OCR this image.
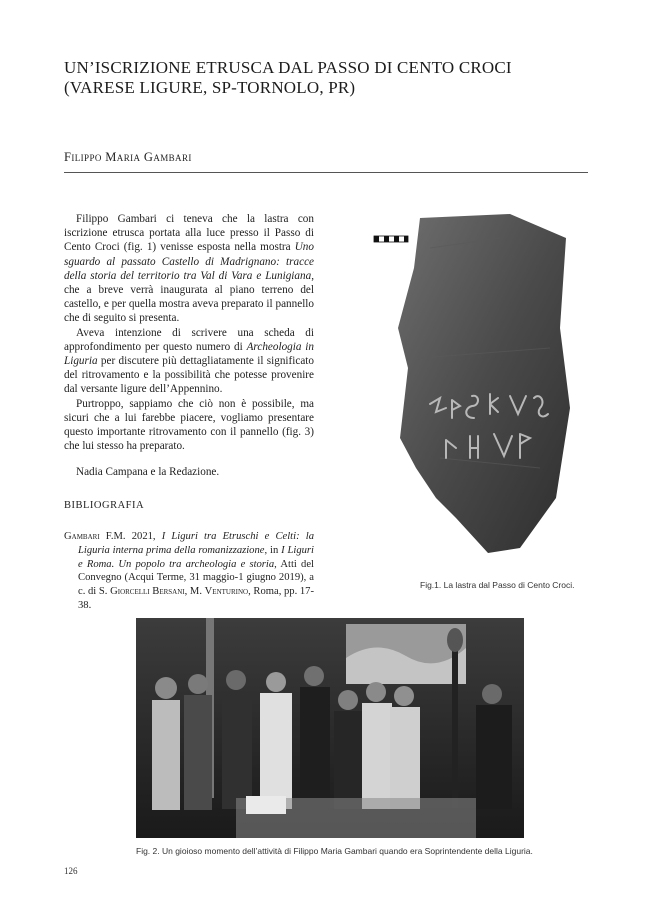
UN’ISCRIZIONE ETRUSCA DAL PASSO DI CENTO CROCI
(VARESE LIGURE, SP-TORNOLO, PR)
Filippo Maria Gambari

Filippo Gambari ci teneva che la lastra con iscrizione etrusca portata alla luce presso il Passo di Cento Croci (fig. 1) venisse esposta nella mostra Uno sguardo al passato Castello di Madrignano: tracce della storia del territorio tra Val di Vara e Lunigiana, che a breve verrà inaugurata al piano terreno del castello, e per quella mostra aveva preparato il pannello che di seguito si presenta.

Aveva intenzione di scrivere una scheda di approfondimento per questo numero di Archeologia in Liguria per discutere più dettagliatamente il significato del ritrovamento e la possibilità che potesse provenire dal versante ligure dell’Appennino.

Purtroppo, sappiamo che ciò non è possibile, ma sicuri che a lui farebbe piacere, vogliamo presentare questo importante ritrovamento con il pannello (fig. 3) che lui stesso ha preparato.

Nadia Campana e la Redazione.

BIBLIOGRAFIA
Gambari F.M. 2021, I Liguri tra Etruschi e Celti: la Liguria interna prima della romanizzazione, in I Liguri e Roma. Un popolo tra archeologia e storia, Atti del Convegno (Acqui Terme, 31 maggio-1 giugno 2019), a c. di S. Giorcelli Bersani, M. Venturino, Roma, pp. 17-38.
Fig.1. La lastra dal Passo di Cento Croci.
Fig. 2. Un gioioso momento dell’attività di Filippo Maria Gambari quando era Soprintendente della Liguria.
126
